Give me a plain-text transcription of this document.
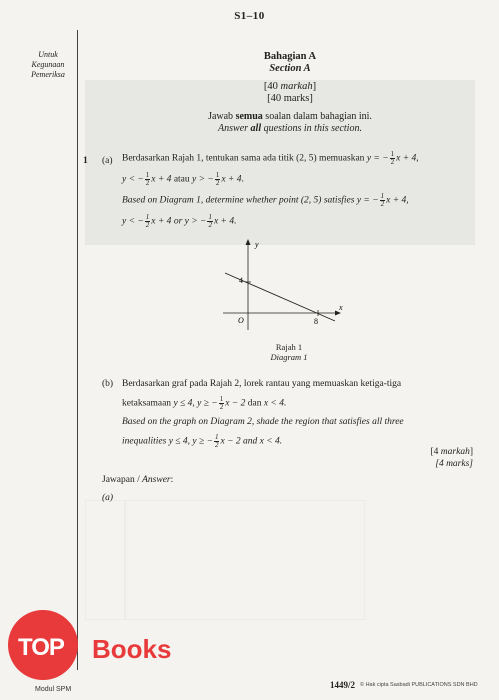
S1–10
Untuk
Kegunaan
Pemeriksa
Bahagian A
Section A
[40 markah]
[40 marks]
Jawab semua soalan dalam bahagian ini.
Answer all questions in this section.
1 (a) Berdasarkan Rajah 1, tentukan sama ada titik (2, 5) memuaskan y = − $\frac{1}{2}$ x + 4,
y < − $\frac{1}{2}$ x + 4 atau y > − $\frac{1}{2}$ x + 4.
Based on Diagram 1, determine whether point (2, 5) satisfies y = − $\frac{1}{2}$ x + 4,
y < − $\frac{1}{2}$ x + 4 or y > − $\frac{1}{2}$ x + 4.
y
x
O
4
8
Rajah 1
Diagram 1
(b) Berdasarkan graf pada Rajah 2, lorek rantau yang memuaskan ketiga-tiga
ketaksamaan y ≤ 4, y ≥ − $\frac{1}{2}$ x − 2 dan x < 4.
Based on the graph on Diagram 2, shade the region that satisfies all three
inequalities y ≤ 4, y ≥ − $\frac{1}{2}$ x − 2 and x < 4.
[4 markah]
[4 marks]
Jawapan / Answer:
(a)
TOP Books
Modul SPM	1449/2 © Hak cipta Sasbadi PUBLICATIONS SDN BHD
